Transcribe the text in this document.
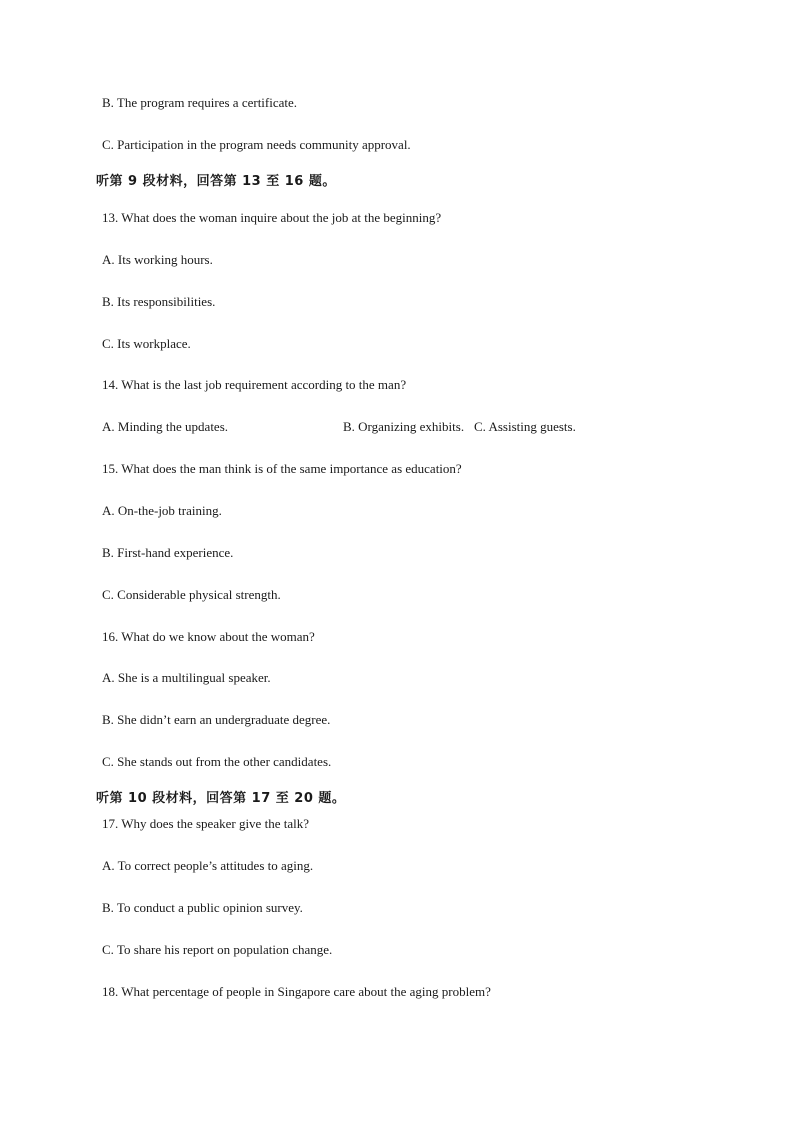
B. The program requires a certificate.
C. Participation in the program needs community approval.
听第 9 段材料，回答第 13 至 16 题。
13. What does the woman inquire about the job at the beginning?
A. Its working hours.
B. Its responsibilities.
C. Its workplace.
14. What is the last job requirement according to the man?
A. Minding the updates.	B. Organizing exhibits. C. Assisting guests.
15. What does the man think is of the same importance as education?
A. On-the-job training.
B. First-hand experience.
C. Considerable physical strength.
16. What do we know about the woman?
A. She is a multilingual speaker.
B. She didn’t earn an undergraduate degree.
C. She stands out from the other candidates.
听第 10 段材料，回答第 17 至 20 题。
17. Why does the speaker give the talk?
A. To correct people’s attitudes to aging.
B. To conduct a public opinion survey.
C. To share his report on population change.
18. What percentage of people in Singapore care about the aging problem?
